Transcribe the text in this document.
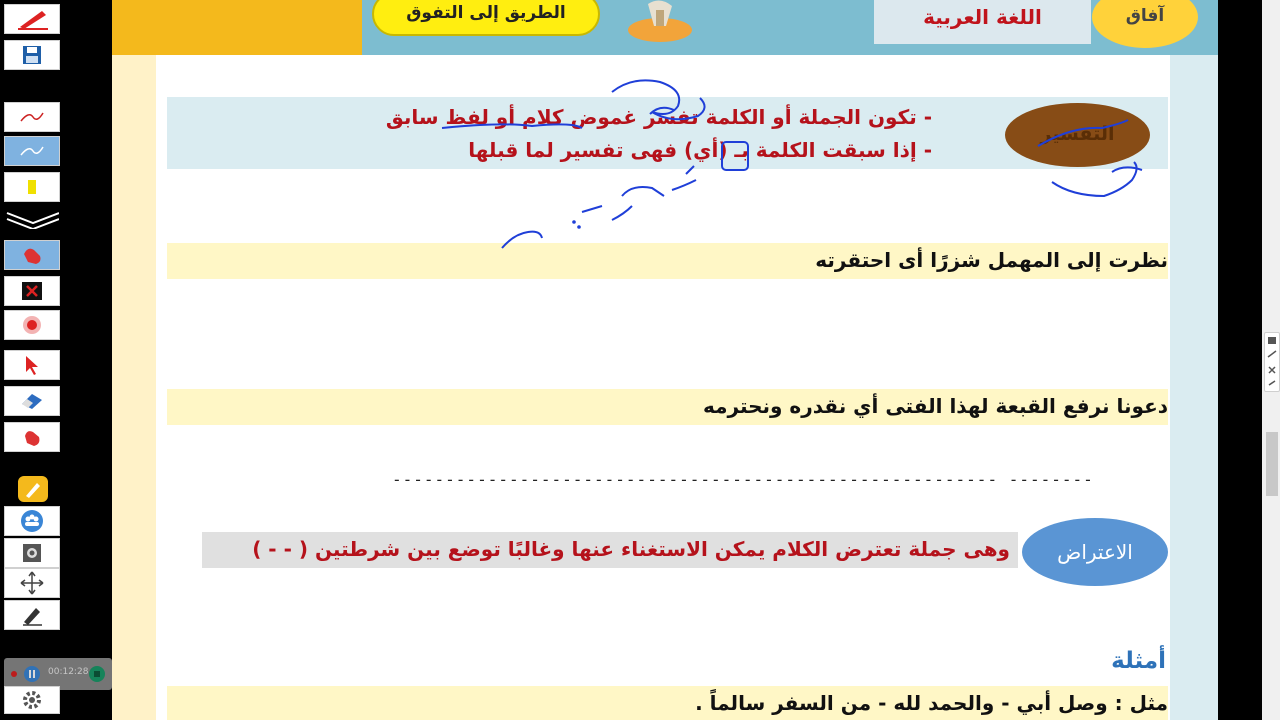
00:12:28
الطريق إلى التفوق	اللغة العربية	آفاق
- تكون الجملة أو الكلمة تفسر غموض كلام أو لفظ سابق
- إذا سبقت الكلمة بـ (أي) فهى تفسير لما قبلها
التفسير
نظرت إلى المهمل شزرًا أى احتقرته
دعونا نرفع القبعة لهذا الفتى أي نقدره ونحترمه
--------------------------------------------------------- --------
وهى جملة تعترض الكلام يمكن الاستغناء عنها وغالبًا توضع بين شرطتين ( - - )	الاعتراض
أمثلة
مثل : وصل أبي - والحمد لله - من السفر سالماً .
